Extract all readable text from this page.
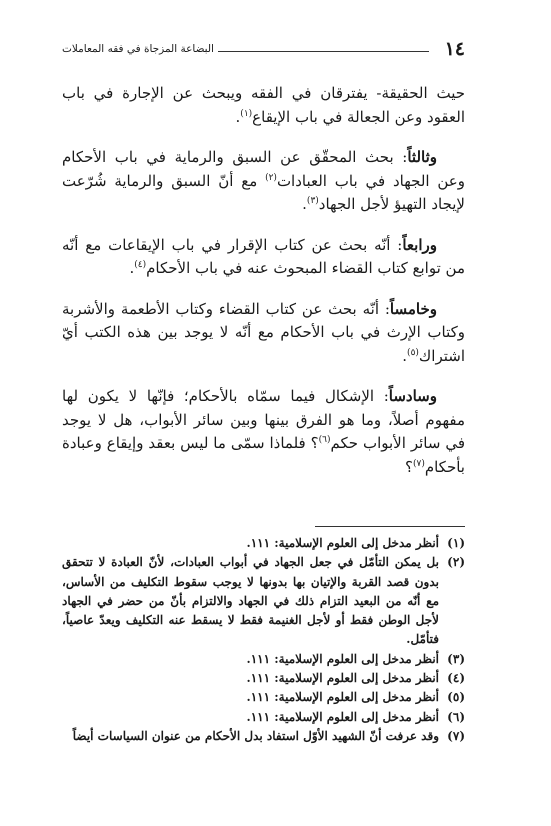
١٤
البضاعة المزجاة في فقه المعاملات

حيث الحقيقة- يفترقان في الفقه ويبحث عن الإجارة في باب العقود وعن الجعالة في باب الإيقاع$^{(١)}$.

وثالثاً: بحث المحقّق عن السبق والرماية في باب الأحكام وعن الجهاد في باب العبادات$^{(٢)}$ مع أنّ السبق والرماية شُرّعت لإيجاد التهيؤ لأجل الجهاد$^{(٣)}$.

ورابعاً: أنّه بحث عن كتاب الإقرار في باب الإيقاعات مع أنّه من توابع كتاب القضاء المبحوث عنه في باب الأحكام$^{(٤)}$.

وخامساً: أنّه بحث عن كتاب القضاء وكتاب الأطعمة والأشربة وكتاب الإرث في باب الأحكام مع أنّه لا يوجد بين هذه الكتب أيّ اشتراك$^{(٥)}$.

وسادساً: الإشكال فيما سمّاه بالأحكام؛ فإنّها لا يكون لها مفهوم أصلاً، وما هو الفرق بينها وبين سائر الأبواب، هل لا يوجد في سائر الأبواب حكم$^{(٦)}$؟ فلماذا سمّى ما ليس بعقد وإيقاع وعبادة بأحكام$^{(٧)}$؟

(١)
أنظر مدخل إلى العلوم الإسلامية: ١١١.
(٢)
بل يمكن التأمّل في جعل الجهاد في أبواب العبادات، لأنّ العبادة لا تتحقق بدون قصد القربة والإتيان بها بدونها لا يوجب سقوط التكليف من الأساس، مع أنّه من البعيد التزام ذلك في الجهاد والالتزام بأنّ من حضر في الجهاد لأجل الوطن فقط أو لأجل الغنيمة فقط لا يسقط عنه التكليف ويعدّ عاصياً، فتأمّل.
(٣)
أنظر مدخل إلى العلوم الإسلامية: ١١١.
(٤)
أنظر مدخل إلى العلوم الإسلامية: ١١١.
(٥)
أنظر مدخل إلى العلوم الإسلامية: ١١١.
(٦)
أنظر مدخل إلى العلوم الإسلامية: ١١١.
(٧)
وقد عرفت أنّ الشهيد الأوّل استفاد بدل الأحكام من عنوان السياسات أيضاً
